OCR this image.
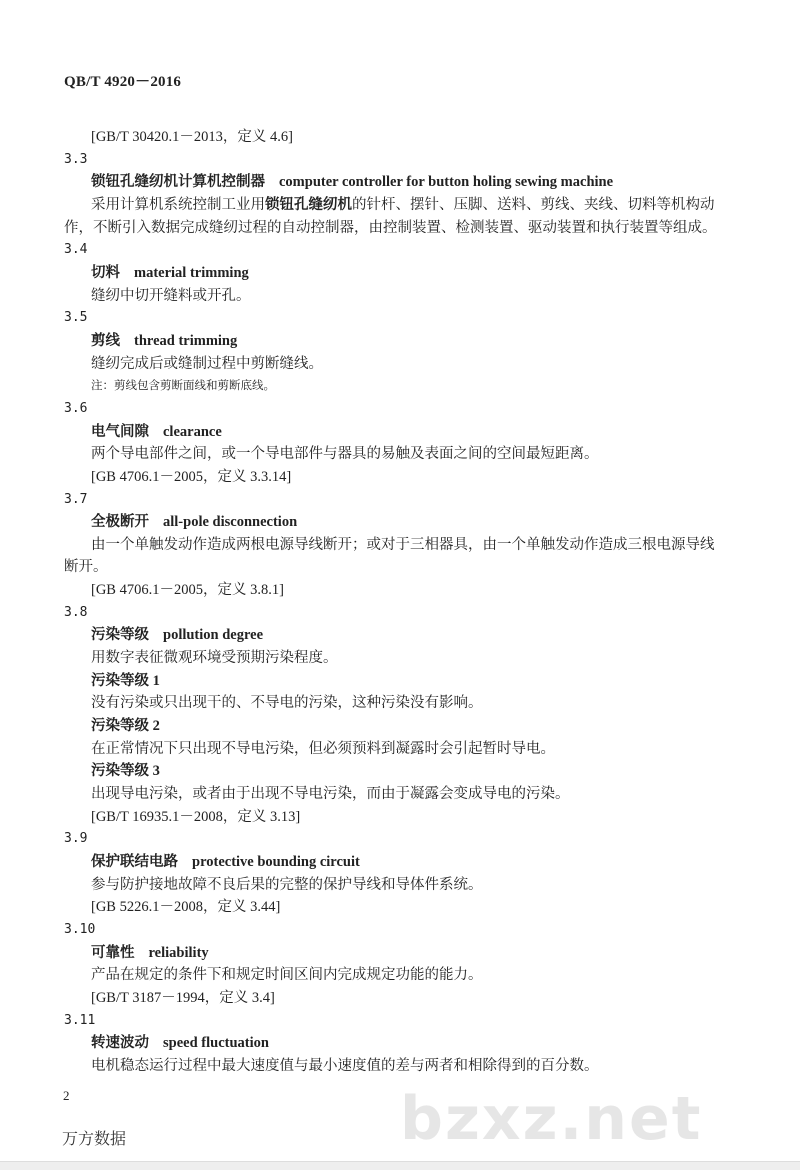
QB/T 4920－2016
[GB/T 30420.1－2013，定义 4.6]
3.3
锁钮孔缝纫机计算机控制器 computer controller for button holing sewing machine
采用计算机系统控制工业用锁钮孔缝纫机的针杆、摆针、压脚、送料、剪线、夹线、切料等机构动
作，不断引入数据完成缝纫过程的自动控制器，由控制装置、检测装置、驱动装置和执行装置等组成。
3.4
切料 material trimming
缝纫中切开缝料或开孔。
3.5
剪线 thread trimming
缝纫完成后或缝制过程中剪断缝线。
注：剪线包含剪断面线和剪断底线。
3.6
电气间隙 clearance
两个导电部件之间，或一个导电部件与器具的易触及表面之间的空间最短距离。
[GB 4706.1－2005，定义 3.3.14]
3.7
全极断开 all-pole disconnection
由一个单触发动作造成两根电源导线断开；或对于三相器具，由一个单触发动作造成三根电源导线
断开。
[GB 4706.1－2005，定义 3.8.1]
3.8
污染等级 pollution degree
用数字表征微观环境受预期污染程度。
污染等级 1
没有污染或只出现干的、不导电的污染，这种污染没有影响。
污染等级 2
在正常情况下只出现不导电污染，但必须预料到凝露时会引起暂时导电。
污染等级 3
出现导电污染，或者由于出现不导电污染，而由于凝露会变成导电的污染。
[GB/T 16935.1－2008，定义 3.13]
3.9
保护联结电路 protective bounding circuit
参与防护接地故障不良后果的完整的保护导线和导体件系统。
[GB 5226.1－2008，定义 3.44]
3.10
可靠性 reliability
产品在规定的条件下和规定时间区间内完成规定功能的能力。
[GB/T 3187－1994，定义 3.4]
3.11
转速波动 speed fluctuation
电机稳态运行过程中最大速度值与最小速度值的差与两者和相除得到的百分数。
bzxz.net
2
万方数据
